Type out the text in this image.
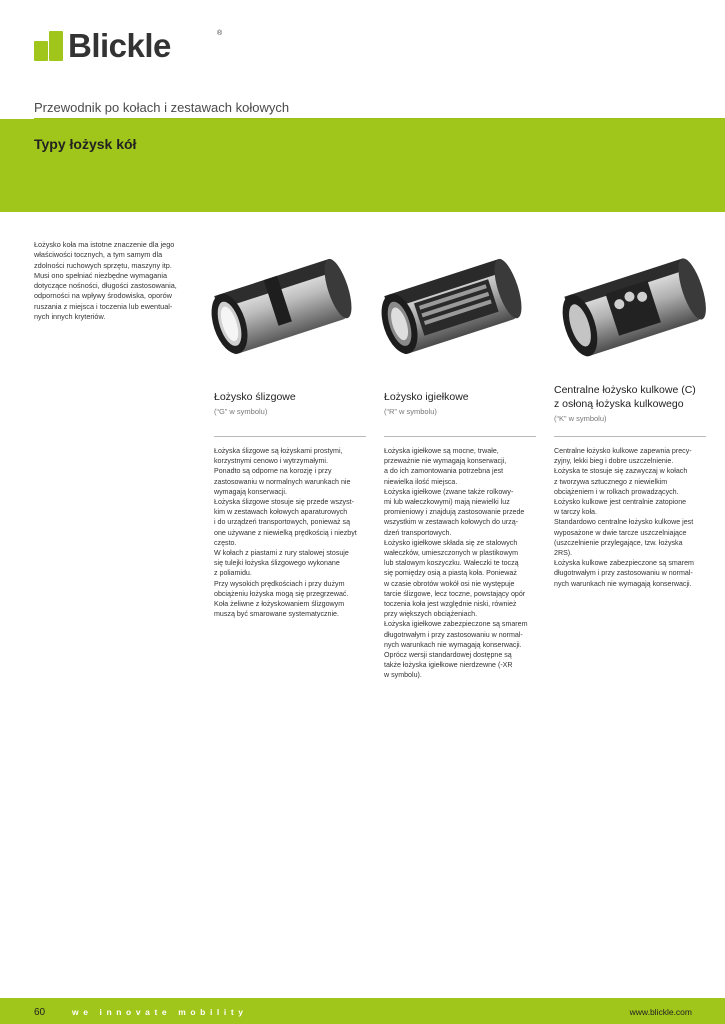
Blickle	®
Przewodnik po kołach i zestawach kołowych
Typy łożysk kół
Łożysko koła ma istotne znaczenie dla jego
właściwości tocznych, a tym samym dla
zdolności ruchowych sprzętu, maszyny itp.
Musi ono spełniać niezbędne wymagania
dotyczące nośności, długości zastosowania,
odporności na wpływy środowiska, oporów
ruszania z miejsca i toczenia lub ewentual-
nych innych kryteriów.
Łożysko ślizgowe
(“G” w symbolu)
Łożyska ślizgowe są łożyskami prostymi,
korzystnymi cenowo i wytrzymałymi.
Ponadto są odporne na korozję i przy
zastosowaniu w normalnych warunkach nie
wymagają konserwacji.
Łożyska ślizgowe stosuje się przede wszyst-
kim w zestawach kołowych aparaturowych
i do urządzeń transportowych, ponieważ są
one używane z niewielką prędkością i niezbyt
często.
W kołach z piastami z rury stalowej stosuje
się tulejki łożyska ślizgowego wykonane
z poliamidu.
Przy wysokich prędkościach i przy dużym
obciążeniu łożyska mogą się przegrzewać.
Koła żeliwne z łożyskowaniem ślizgowym
muszą być smarowane systematycznie.
Łożysko igiełkowe
(“R” w symbolu)
Łożyska igiełkowe są mocne, trwałe,
przeważnie nie wymagają konserwacji,
a do ich zamontowania potrzebna jest
niewielka ilość miejsca.
Łożyska igiełkowe (zwane także rolkowy-
mi lub wałeczkowymi) mają niewielki luz
promieniowy i znajdują zastosowanie przede
wszystkim w zestawach kołowych do urzą-
dzeń transportowych.
Łożysko igiełkowe składa się ze stalowych
wałeczków, umieszczonych w plastikowym
lub stalowym koszyczku. Wałeczki te toczą
się pomiędzy osią a piastą koła. Ponieważ
w czasie obrotów wokół osi nie występuje
tarcie ślizgowe, lecz toczne, powstający opór
toczenia koła jest względnie niski, również
przy większych obciążeniach.
Łożyska igiełkowe zabezpieczone są smarem
długotrwałym i przy zastosowaniu w normal-
nych warunkach nie wymagają konserwacji.
Oprócz wersji standardowej dostępne są
także łożyska igiełkowe nierdzewne (-XR
w symbolu).
Centralne łożysko kulkowe (C)
z osłoną łożyska kulkowego
(“K” w symbolu)
Centralne łożysko kulkowe zapewnia precy-
zyjny, lekki bieg i dobre uszczelnienie.
Łożyska te stosuje się zazwyczaj w kołach
z tworzywa sztucznego z niewielkim
obciążeniem i w rolkach prowadzących.
Łożysko kulkowe jest centralnie zatopione
w tarczy koła.
Standardowo centralne łożysko kulkowe jest
wyposażone w dwie tarcze uszczelniające
(uszczelnienie przylegające, tzw. łożyska
2RS).
Łożyska kulkowe zabezpieczone są smarem
długotrwałym i przy zastosowaniu w normal-
nych warunkach nie wymagają konserwacji.
60	we innovate mobility	www.blickle.com
